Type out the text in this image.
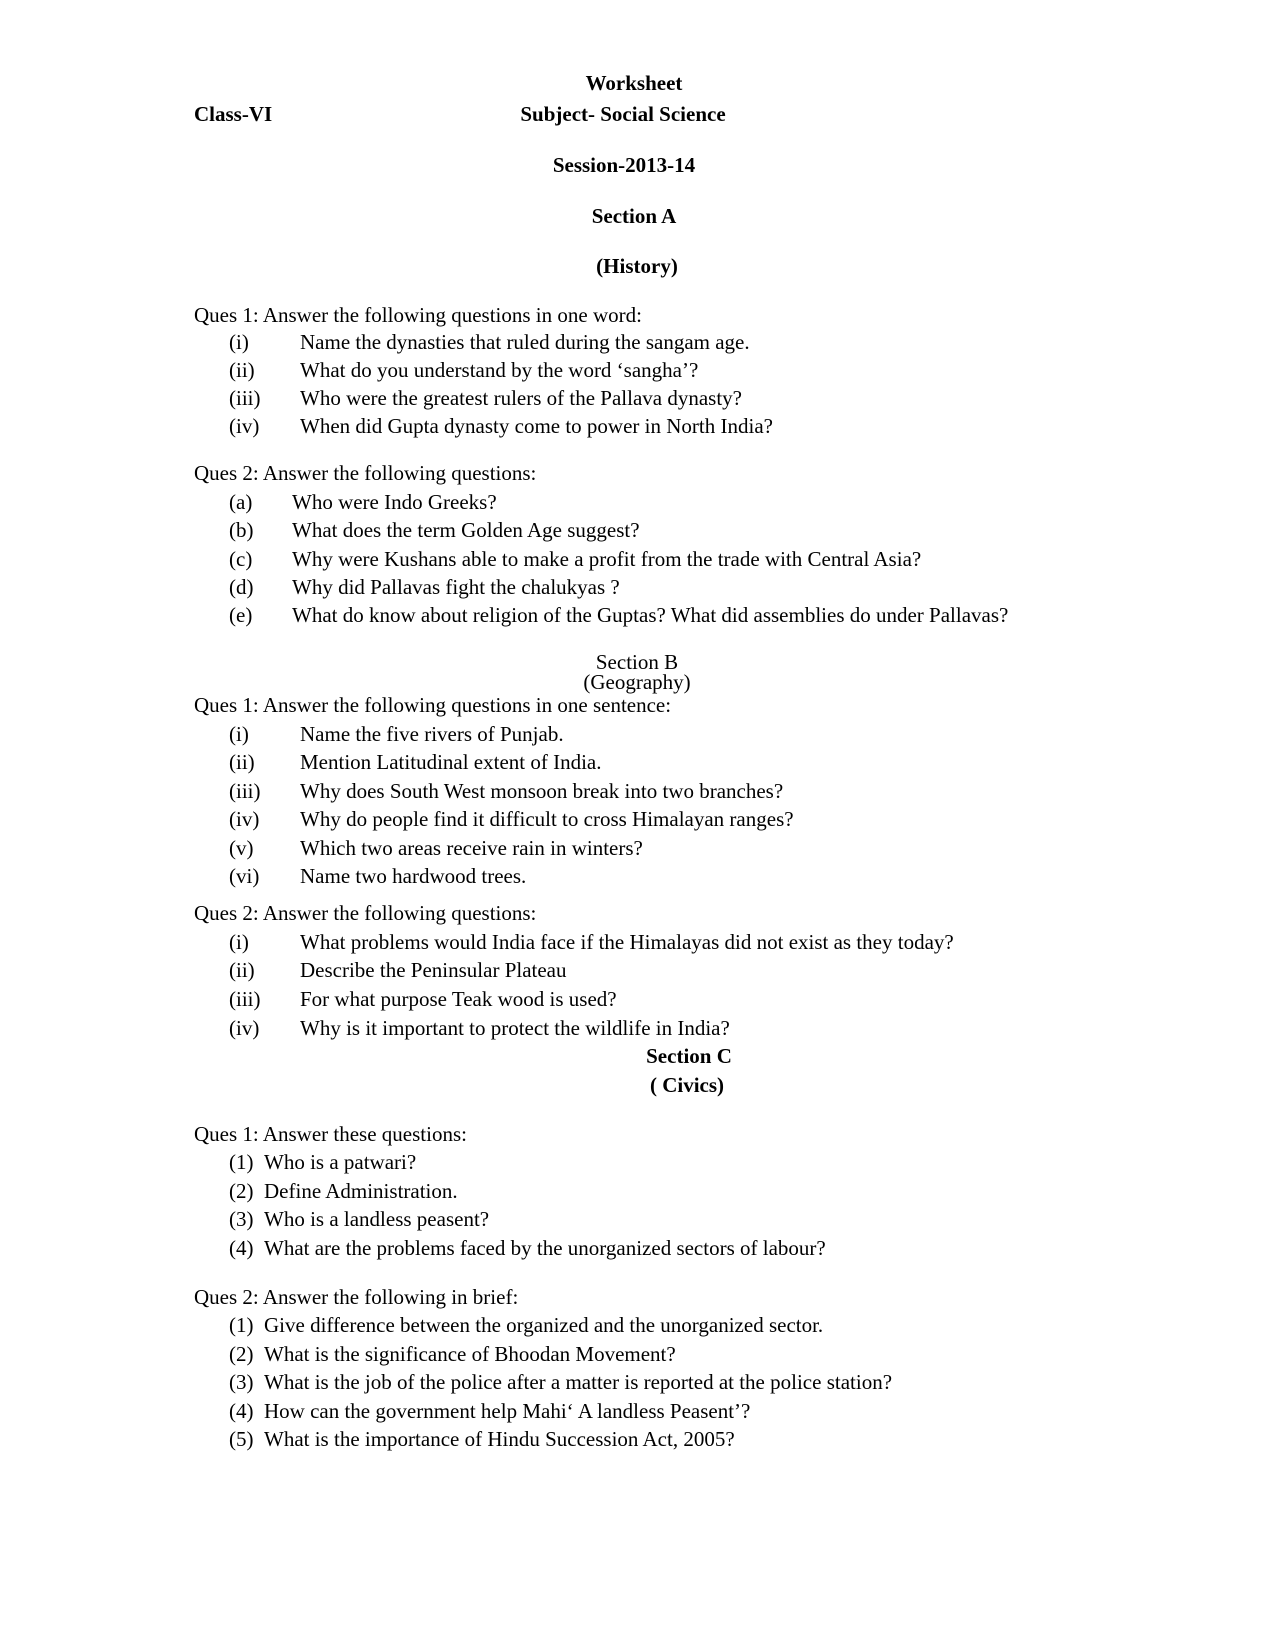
Worksheet
Class-VI	Subject- Social Science
Session-2013-14
Section A
(History)
Ques 1: Answer the following questions in one word:
(i) Name the dynasties that ruled during the sangam age.
(ii) What do you understand by the word ‘sangha’?
(iii) Who were the greatest rulers of the Pallava dynasty?
(iv) When did Gupta dynasty come to power in North India?
Ques 2: Answer the following questions:
(a) Who were Indo Greeks?
(b) What does the term Golden Age suggest?
(c) Why were Kushans able to make a profit from the trade with Central Asia?
(d) Why did Pallavas fight the chalukyas ?
(e) What do know about religion of the Guptas? What did assemblies do under Pallavas?
Section B
(Geography)
Ques 1: Answer the following questions in one sentence:
(i) Name the five rivers of Punjab.
(ii) Mention Latitudinal extent of India.
(iii) Why does South West monsoon break into two branches?
(iv) Why do people find it difficult to cross Himalayan ranges?
(v) Which two areas receive rain in winters?
(vi) Name two hardwood trees.
Ques 2: Answer the following questions:
(i) What problems would India face if the Himalayas did not exist as they today?
(ii) Describe the Peninsular Plateau
(iii) For what purpose Teak wood is used?
(iv) Why is it important to protect the wildlife in India?
Section C
( Civics)
Ques 1: Answer these questions:
(1) Who is a patwari?
(2) Define Administration.
(3) Who is a landless peasent?
(4) What are the problems faced by the unorganized sectors of labour?
Ques 2: Answer the following in brief:
(1) Give difference between the organized and the unorganized sector.
(2) What is the significance of Bhoodan Movement?
(3) What is the job of the police after a matter is reported at the police station?
(4) How can the government help Mahi‘ A landless Peasent’?
(5) What is the importance of Hindu Succession Act, 2005?
